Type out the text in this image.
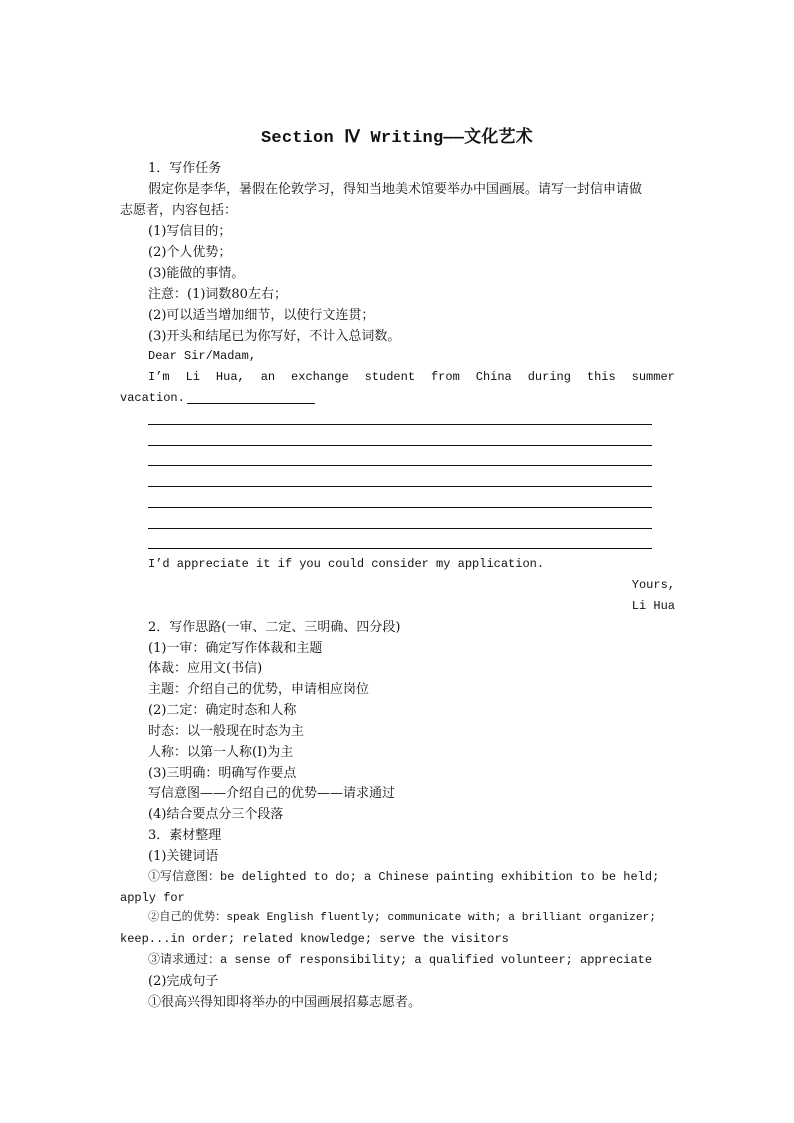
Section Ⅳ Writing——文化艺术
1．写作任务
假定你是李华，暑假在伦敦学习，得知当地美术馆要举办中国画展。请写一封信申请做
志愿者，内容包括：
(1)写信目的；
(2)个人优势；
(3)能做的事情。
注意：(1)词数80左右；
(2)可以适当增加细节，以使行文连贯；
(3)开头和结尾已为你写好，不计入总词数。
Dear Sir/Madam,
I’m Li Hua, an exchange student from China during this summer
vacation.
I’d appreciate it if you could consider my application.
Yours,
Li Hua
2．写作思路(一审、二定、三明确、四分段)
(1)一审：确定写作体裁和主题
体裁：应用文(书信)
主题：介绍自己的优势，申请相应岗位
(2)二定：确定时态和人称
时态：以一般现在时态为主
人称：以第一人称(Ⅰ)为主
(3)三明确：明确写作要点
写信意图——介绍自己的优势——请求通过
(4)结合要点分三个段落
3．素材整理
(1)关键词语
①写信意图：be delighted to do; a Chinese painting exhibition to be held;
apply for
②自己的优势：speak English fluently; communicate with; a brilliant organizer;
keep...in order; related knowledge; serve the visitors
③请求通过：a sense of responsibility; a qualified volunteer; appreciate
(2)完成句子
①很高兴得知即将举办的中国画展招募志愿者。
